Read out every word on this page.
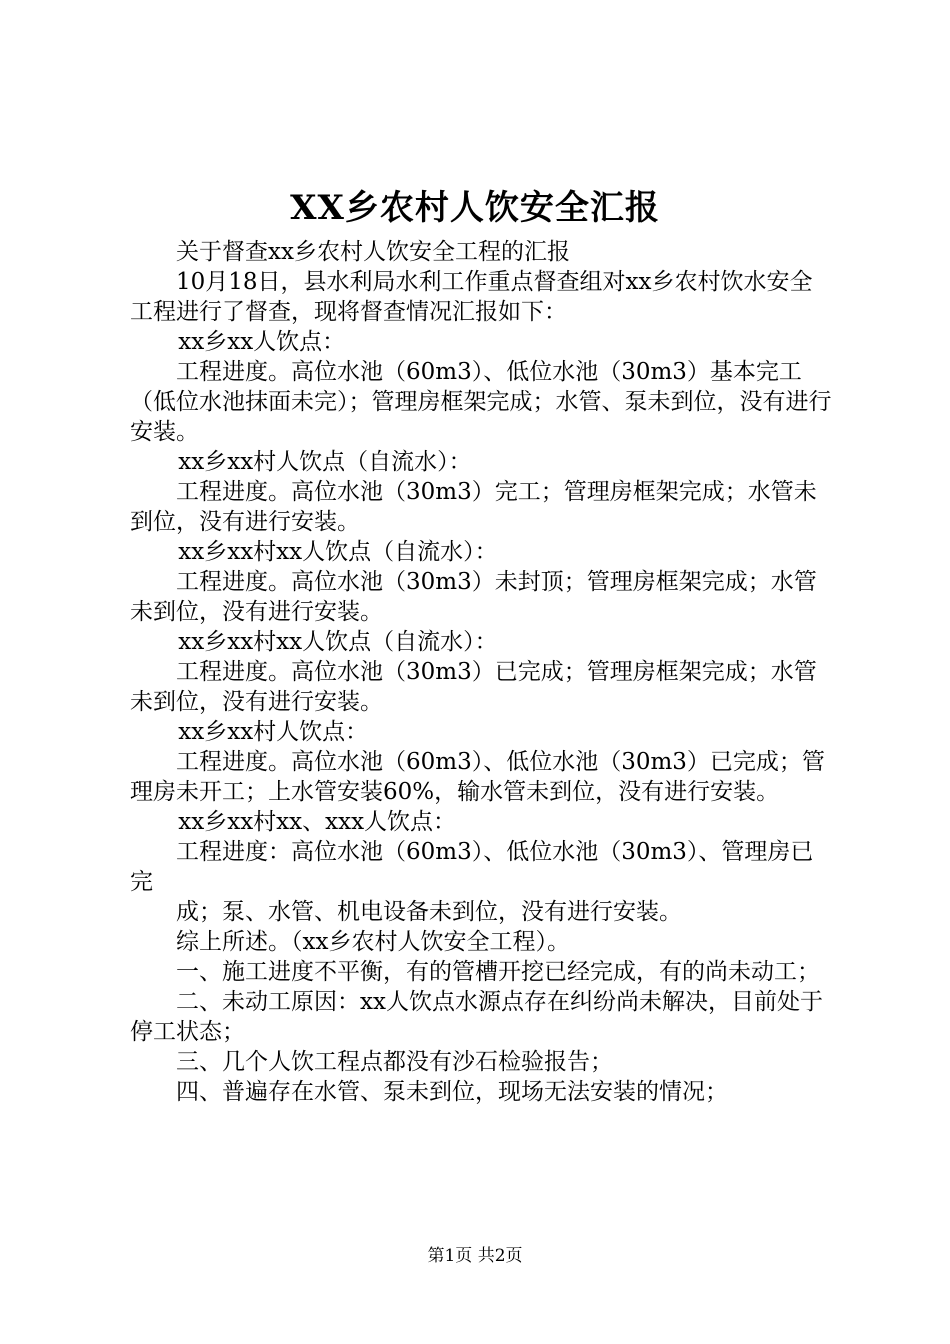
XX乡农村人饮安全汇报

关于督查xx乡农村人饮安全工程的汇报

10月18日，县水利局水利工作重点督查组对xx乡农村饮水安全工程进行了督查，现将督查情况汇报如下：

xx乡xx人饮点：

工程进度。高位水池（60m3）、低位水池（30m3）基本完工（低位水池抹面未完）；管理房框架完成；水管、泵未到位，没有进行安装。

xx乡xx村人饮点（自流水）：

工程进度。高位水池（30m3）完工；管理房框架完成；水管未到位，没有进行安装。

xx乡xx村xx人饮点（自流水）：

工程进度。高位水池（30m3）未封顶；管理房框架完成；水管未到位，没有进行安装。

xx乡xx村xx人饮点（自流水）：

工程进度。高位水池（30m3）已完成；管理房框架完成；水管未到位，没有进行安装。

xx乡xx村人饮点：

工程进度。高位水池（60m3）、低位水池（30m3）已完成；管理房未开工；上水管安装60%，输水管未到位，没有进行安装。

xx乡xx村xx、xxx人饮点：

工程进度：高位水池（60m3）、低位水池（30m3）、管理房已完

成；泵、水管、机电设备未到位，没有进行安装。

综上所述。（xx乡农村人饮安全工程）。

一、施工进度不平衡，有的管槽开挖已经完成，有的尚未动工；

二、未动工原因：xx人饮点水源点存在纠纷尚未解决，目前处于停工状态；

三、几个人饮工程点都没有沙石检验报告；

四、普遍存在水管、泵未到位，现场无法安装的情况；

第1页 共2页
